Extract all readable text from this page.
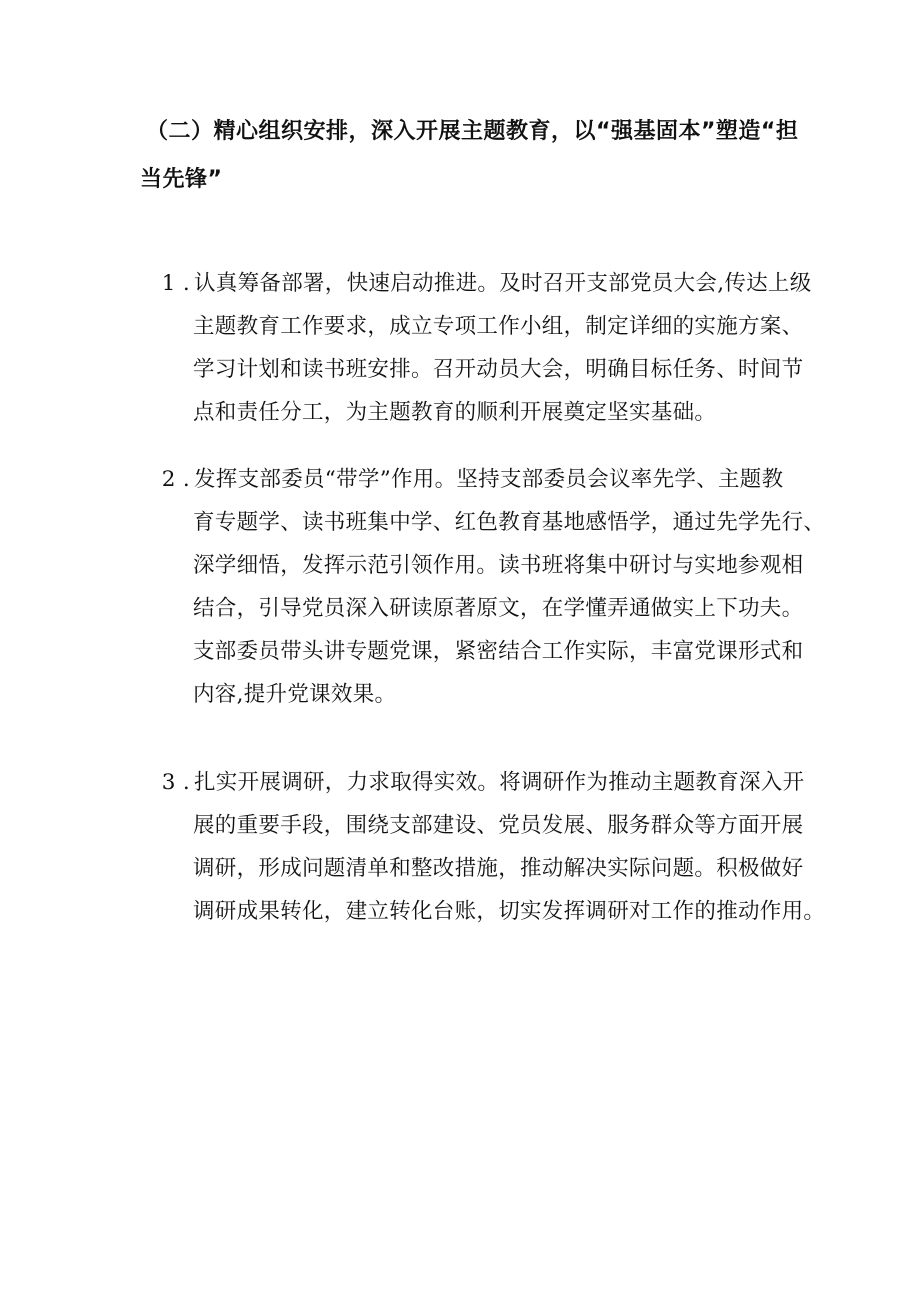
（二）精心组织安排，深入开展主题教育，以“强基固本”塑造“担
当先锋”
1 . 认真筹备部署，快速启动推进。及时召开支部党员大会,传达上级
主题教育工作要求，成立专项工作小组，制定详细的实施方案、
学习计划和读书班安排。召开动员大会，明确目标任务、时间节
点和责任分工，为主题教育的顺利开展奠定坚实基础。
2 . 发挥支部委员“带学”作用。坚持支部委员会议率先学、主题教
育专题学、读书班集中学、红色教育基地感悟学，通过先学先行、
深学细悟，发挥示范引领作用。读书班将集中研讨与实地参观相
结合，引导党员深入研读原著原文，在学懂弄通做实上下功夫。
支部委员带头讲专题党课，紧密结合工作实际，丰富党课形式和
内容,提升党课效果。
3 . 扎实开展调研，力求取得实效。将调研作为推动主题教育深入开
展的重要手段，围绕支部建设、党员发展、服务群众等方面开展
调研，形成问题清单和整改措施，推动解决实际问题。积极做好
调研成果转化，建立转化台账，切实发挥调研对工作的推动作用。
